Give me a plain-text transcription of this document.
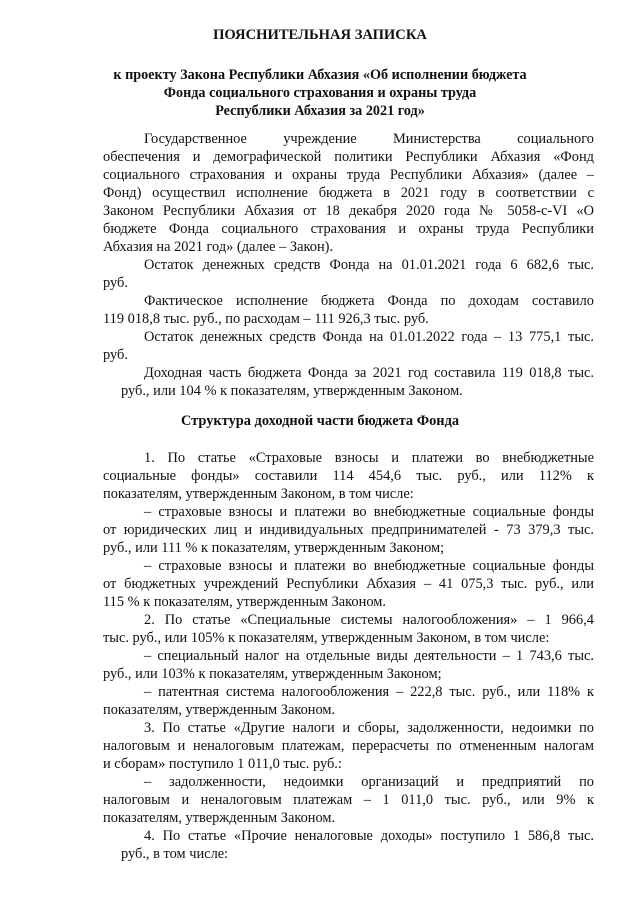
ПОЯСНИТЕЛЬНАЯ ЗАПИСКА
к проекту Закона Республики Абхазия «Об исполнении бюджета
Фонда социального страхования и охраны труда
Республики Абхазия за 2021 год»
Государственное учреждение Министерства социального
обеспечения и демографической политики Республики Абхазия «Фонд
социального страхования и охраны труда Республики Абхазия» (далее –
Фонд) осуществил исполнение бюджета в 2021 году в соответствии с
Законом Республики Абхазия от 18 декабря 2020 года № 5058-с-VI «О
бюджете Фонда социального страхования и охраны труда Республики
Абхазия на 2021 год» (далее – Закон).
Остаток денежных средств Фонда на 01.01.2021 года 6 682,6 тыс.
руб.
Фактическое исполнение бюджета Фонда по доходам составило
119 018,8 тыс. руб., по расходам – 111 926,3 тыс. руб.
Остаток денежных средств Фонда на 01.01.2022 года – 13 775,1 тыс.
руб.
Доходная часть бюджета Фонда за 2021 год составила 119 018,8 тыс.
руб., или 104 % к показателям, утвержденным Законом.
Структура доходной части бюджета Фонда
1. По статье «Страховые взносы и платежи во внебюджетные
социальные фонды» составили 114 454,6 тыс. руб., или 112% к
показателям, утвержденным Законом, в том числе:
– страховые взносы и платежи во внебюджетные социальные фонды
от юридических лиц и индивидуальных предпринимателей - 73 379,3 тыс.
руб., или 111 % к показателям, утвержденным Законом;
– страховые взносы и платежи во внебюджетные социальные фонды
от бюджетных учреждений Республики Абхазия – 41 075,3 тыс. руб., или
115 % к показателям, утвержденным Законом.
2. По статье «Специальные системы налогообложения» – 1 966,4
тыс. руб., или 105% к показателям, утвержденным Законом, в том числе:
– специальный налог на отдельные виды деятельности – 1 743,6 тыс.
руб., или 103% к показателям, утвержденным Законом;
– патентная система налогообложения – 222,8 тыс. руб., или 118% к
показателям, утвержденным Законом.
3. По статье «Другие налоги и сборы, задолженности, недоимки по
налоговым и неналоговым платежам, перерасчеты по отмененным налогам
и сборам» поступило 1 011,0 тыс. руб.:
– задолженности, недоимки организаций и предприятий по
налоговым и неналоговым платежам – 1 011,0 тыс. руб., или 9% к
показателям, утвержденным Законом.
4. По статье «Прочие неналоговые доходы» поступило 1 586,8 тыс.
руб., в том числе:
